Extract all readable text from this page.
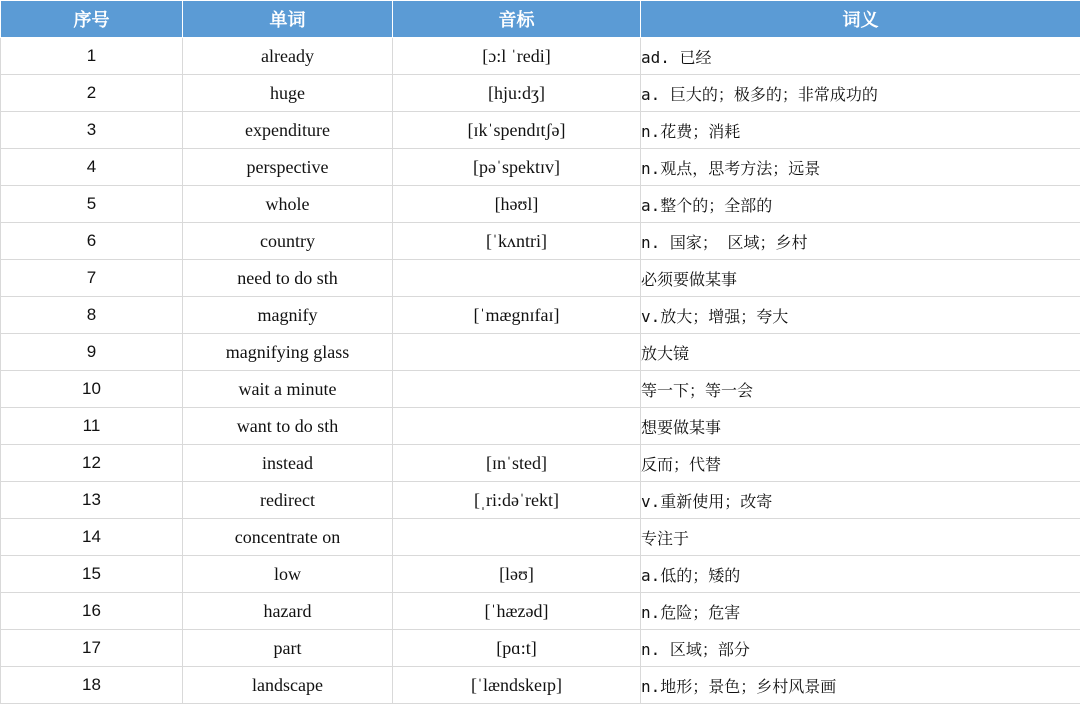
序号	单词	音标	词义
1	already	[ɔ:l ˈredi]	ad. 已经
2	huge	[hju:dʒ]	a. 巨大的；极多的；非常成功的
3	expenditure	[ɪkˈspendɪtʃə]	n.花费；消耗
4	perspective	[pəˈspektɪv]	n.观点，思考方法；远景
5	whole	[həʊl]	a.整个的；全部的
6	country	[ˈkʌntri]	n. 国家； 区域；乡村
7	need to do sth		必须要做某事
8	magnify	[ˈmægnɪfaɪ]	v.放大；增强；夸大
9	magnifying glass		放大镜
10	wait a minute		等一下；等一会
11	want to do sth		想要做某事
12	instead	[ɪnˈsted]	反而；代替
13	redirect	[ˌri:dəˈrekt]	v.重新使用；改寄
14	concentrate on		专注于
15	low	[ləʊ]	a.低的；矮的
16	hazard	[ˈhæzəd]	n.危险；危害
17	part	[pɑ:t]	n. 区域；部分
18	landscape	[ˈlændskeɪp]	n.地形；景色；乡村风景画
